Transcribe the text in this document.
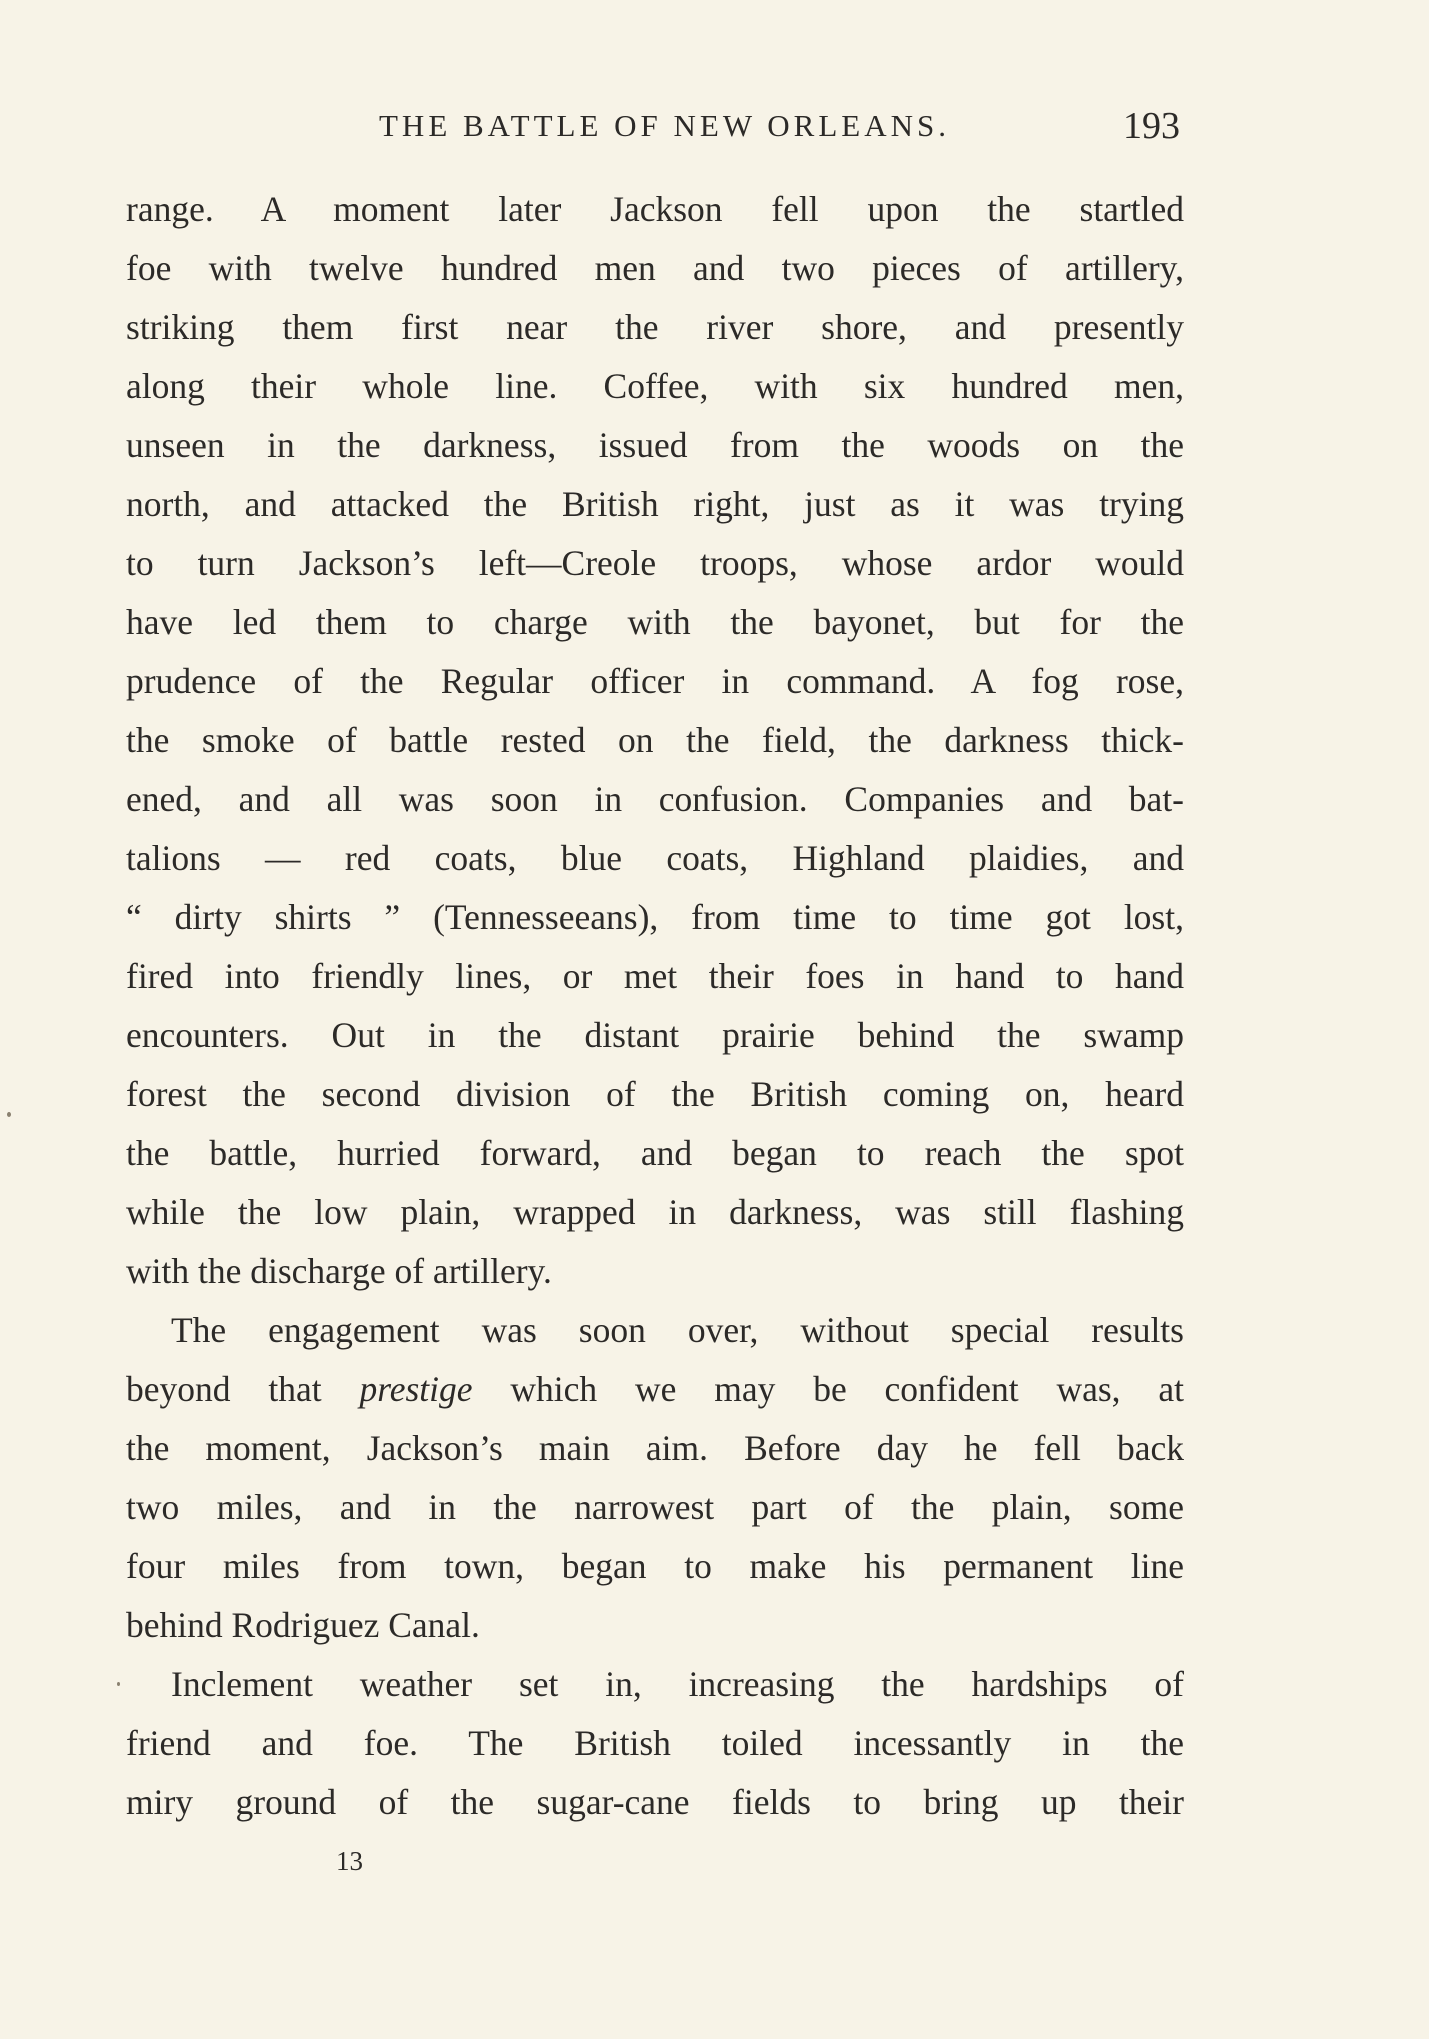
THE BATTLE OF NEW ORLEANS.	193
range. A moment later Jackson fell upon the startled
foe with twelve hundred men and two pieces of artillery,
striking them first near the river shore, and presently
along their whole line. Coffee, with six hundred men,
unseen in the darkness, issued from the woods on the
north, and attacked the British right, just as it was trying
to turn Jackson’s left—Creole troops, whose ardor would
have led them to charge with the bayonet, but for the
prudence of the Regular officer in command. A fog rose,
the smoke of battle rested on the field, the darkness thick-
ened, and all was soon in confusion. Companies and bat-
talions — red coats, blue coats, Highland plaidies, and
“ dirty shirts ” (Tennesseeans), from time to time got lost,
fired into friendly lines, or met their foes in hand to hand
encounters. Out in the distant prairie behind the swamp
forest the second division of the British coming on, heard
the battle, hurried forward, and began to reach the spot
while the low plain, wrapped in darkness, was still flashing
with the discharge of artillery.
The engagement was soon over, without special results
beyond that prestige which we may be confident was, at
the moment, Jackson’s main aim. Before day he fell back
two miles, and in the narrowest part of the plain, some
four miles from town, began to make his permanent line
behind Rodriguez Canal.
Inclement weather set in, increasing the hardships of
friend and foe. The British toiled incessantly in the
miry ground of the sugar-cane fields to bring up their
13
